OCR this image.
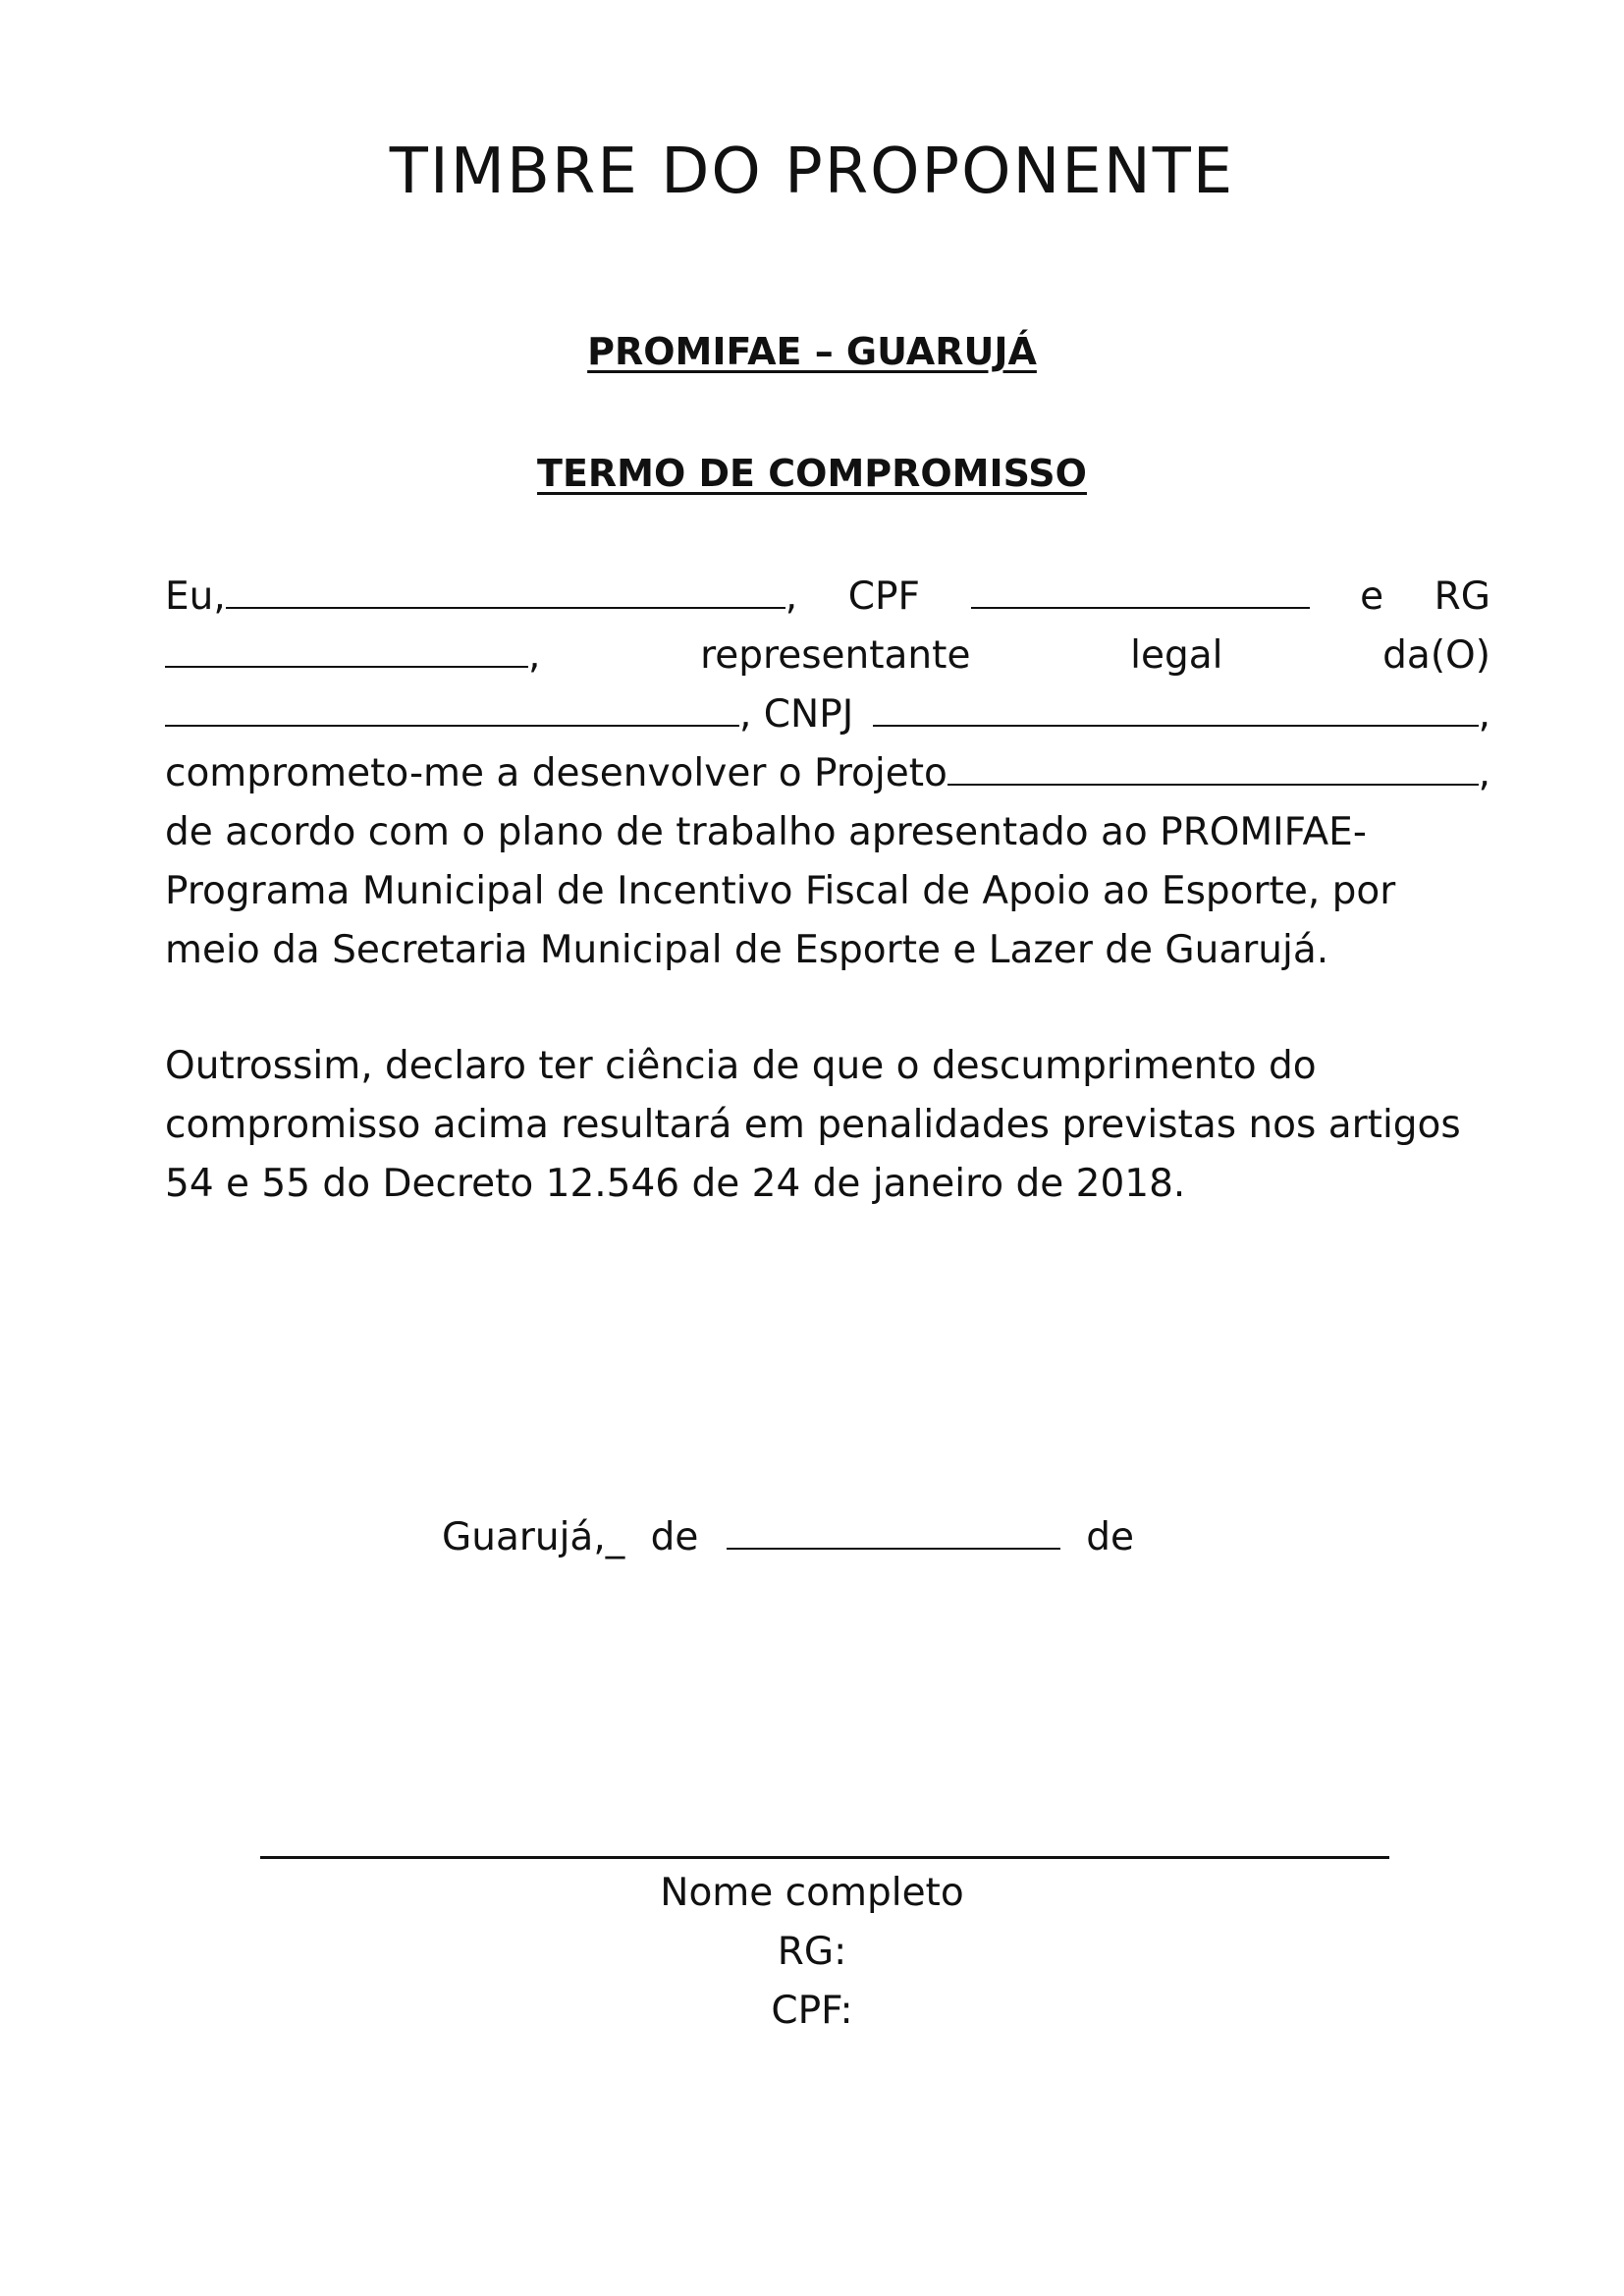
TIMBRE DO PROPONENTE
PROMIFAE – GUARUJÁ
TERMO DE COMPROMISSO
Eu,	, CPF	e RG
,	representante	legal	da(O)
, CNPJ	,
comprometo-me a desenvolver o Projeto	,
de acordo com o plano de trabalho apresentado ao PROMIFAE-
Programa Municipal de Incentivo Fiscal de Apoio ao Esporte, por
meio da Secretaria Municipal de Esporte e Lazer de Guarujá.
Outrossim, declaro ter ciência de que o descumprimento do
compromisso acima resultará em penalidades previstas nos artigos
54 e 55 do Decreto 12.546 de 24 de janeiro de 2018.
Guarujá,_ de	de
Nome completo
RG:
CPF:
